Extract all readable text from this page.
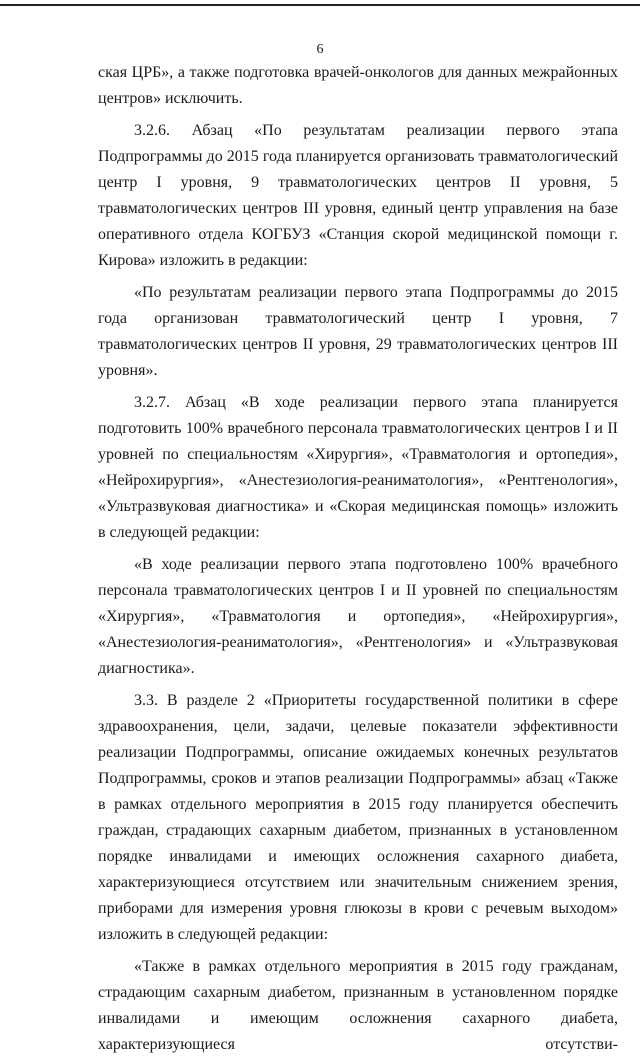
6

ская ЦРБ», а также подготовка врачей-онкологов для данных межрайонных центров» исключить.

3.2.6. Абзац «По результатам реализации первого этапа Подпрограммы до 2015 года планируется организовать травматологический центр I уровня, 9 травматологических центров II уровня, 5 травматологических центров III уровня, единый центр управления на базе оперативного отдела КОГБУЗ «Станция скорой медицинской помощи г. Кирова» изложить в редакции:

«По результатам реализации первого этапа Подпрограммы до 2015 года организован травматологический центр I уровня, 7 травматологических центров II уровня, 29 травматологических центров III уровня».

3.2.7. Абзац «В ходе реализации первого этапа планируется подготовить 100% врачебного персонала травматологических центров I и II уровней по специальностям «Хирургия», «Травматология и ортопедия», «Нейрохирургия», «Анестезиология-реаниматология», «Рентгенология», «Ультразвуковая диагностика» и «Скорая медицинская помощь» изложить в следующей редакции:

«В ходе реализации первого этапа подготовлено 100% врачебного персонала травматологических центров I и II уровней по специальностям «Хирургия», «Травматология и ортопедия», «Нейрохирургия», «Анестезиология-реаниматология», «Рентгенология» и «Ультразвуковая диагностика».

3.3. В разделе 2 «Приоритеты государственной политики в сфере здравоохранения, цели, задачи, целевые показатели эффективности реализации Подпрограммы, описание ожидаемых конечных результатов Подпрограммы, сроков и этапов реализации Подпрограммы» абзац «Также в рамках отдельного мероприятия в 2015 году планируется обеспечить граждан, страдающих сахарным диабетом, признанных в установленном порядке инвалидами и имеющих осложнения сахарного диабета, характеризующиеся отсутствием или значительным снижением зрения, приборами для измерения уровня глюкозы в крови с речевым выходом» изложить в следующей редакции:

«Также в рамках отдельного мероприятия в 2015 году гражданам, страдающим сахарным диабетом, признанным в установленном порядке инвалидами и имеющим осложнения сахарного диабета, характеризующиеся отсутстви-
